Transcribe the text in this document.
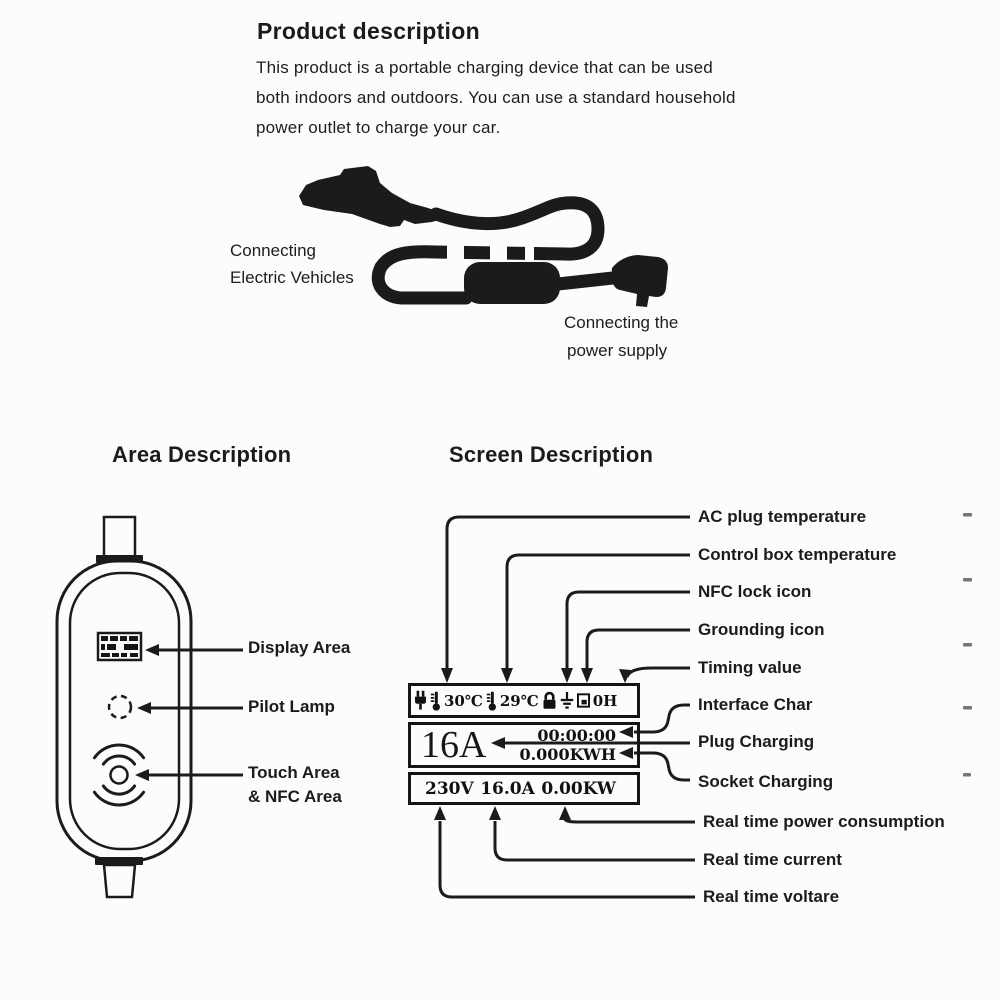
Product description
This product is a portable charging device that can be used
both indoors and outdoors. You can use a standard household
power outlet to charge your car.
Connecting
Electric Vehicles
Connecting the
power supply
Area Description	Screen Description
Display Area
Pilot Lamp
Touch Area
& NFC Area
30℃ 29℃	0H
16A	00:00:00
0.000KWH
230V 16.0A 0.00KW
AC plug temperature
Control box temperature
NFC lock icon
Grounding icon
Timing value
Interface Char
Plug Charging
Socket Charging
Real time power consumption
Real time current
Real time voltare
